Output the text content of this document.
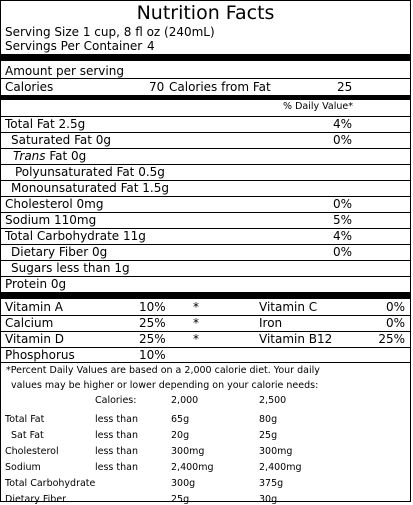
Nutrition Facts
Serving Size 1 cup, 8 fl oz (240mL)
Servings Per Container 4
Amount per serving
Calories	70 Calories from Fat	25
% Daily Value*
Total Fat 2.5g	4%
Saturated Fat 0g	0%
Trans Fat 0g
Polyunsaturated Fat 0.5g
Monounsaturated Fat 1.5g
Cholesterol 0mg	0%
Sodium 110mg	5%
Total Carbohydrate 11g	4%
Dietary Fiber 0g	0%
Sugars less than 1g
Protein 0g
Vitamin A	10% *	Vitamin C	0%
Calcium	25% *	Iron	0%
Vitamin D	25% *	Vitamin B12	25%
Phosphorus	10%
*Percent Daily Values are based on a 2,000 calorie diet. Your daily
values may be higher or lower depending on your calorie needs:
Calories:	2,000	2,500
Total Fat	less than	65g	80g
Sat Fat	less than	20g	25g
Cholesterol	less than	300mg	300mg
Sodium	less than	2,400mg	2,400mg
Total Carbohydrate	300g	375g
Dietary Fiber	25g	30g
